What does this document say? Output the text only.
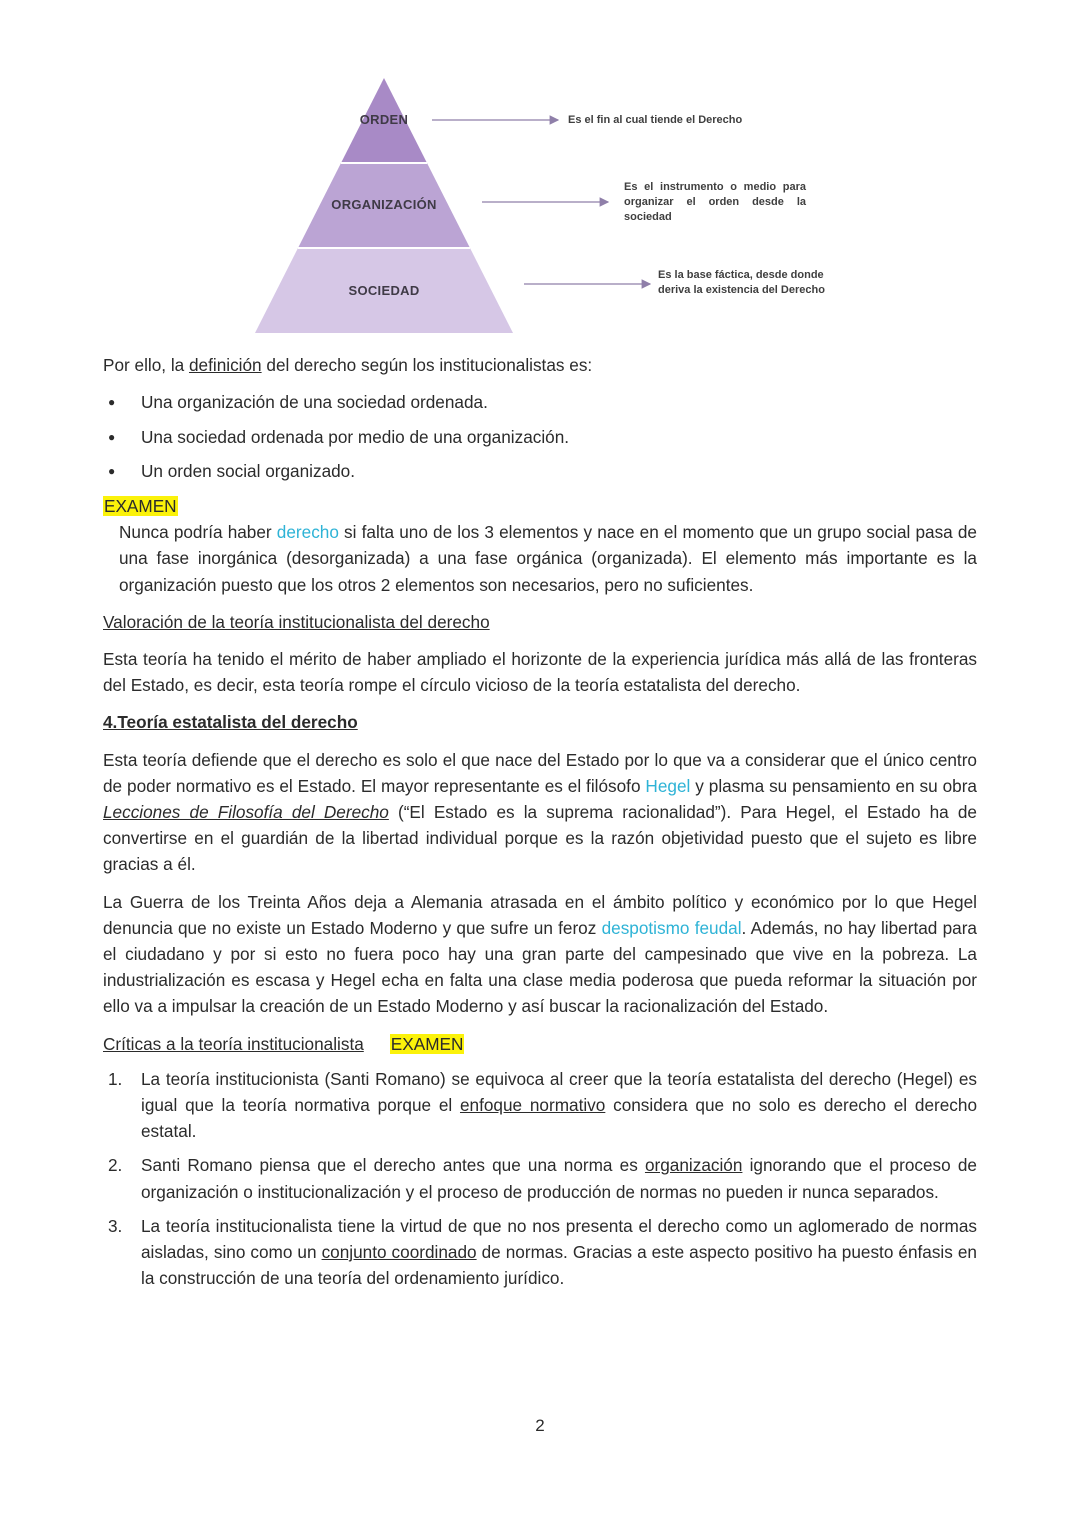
ORDEN
ORGANIZACIÓN
SOCIEDAD
Es el fin al cual tiende el Derecho
Es el instrumento o medio para organizar el orden desde la sociedad
Es la base fáctica, desde donde deriva la existencia del Derecho

Por ello, la definición del derecho según los institucionalistas es:

● Una organización de una sociedad ordenada.
● Una sociedad ordenada por medio de una organización.
● Un orden social organizado.
EXAMEN

Nunca podría haber derecho si falta uno de los 3 elementos y nace en el momento que un grupo social pasa de una fase inorgánica (desorganizada) a una fase orgánica (organizada). El elemento más importante es la organización puesto que los otros 2 elementos son necesarios, pero no suficientes.

Valoración de la teoría institucionalista del derecho

Esta teoría ha tenido el mérito de haber ampliado el horizonte de la experiencia jurídica más allá de las fronteras del Estado, es decir, esta teoría rompe el círculo vicioso de la teoría estatalista del derecho.

4.Teoría estatalista del derecho

Esta teoría defiende que el derecho es solo el que nace del Estado por lo que va a considerar que el único centro de poder normativo es el Estado. El mayor representante es el filósofo Hegel y plasma su pensamiento en su obra Lecciones de Filosofía del Derecho (“El Estado es la suprema racionalidad”). Para Hegel, el Estado ha de convertirse en el guardián de la libertad individual porque es la razón objetividad puesto que el sujeto es libre gracias a él.

La Guerra de los Treinta Años deja a Alemania atrasada en el ámbito político y económico por lo que Hegel denuncia que no existe un Estado Moderno y que sufre un feroz despotismo feudal. Además, no hay libertad para el ciudadano y por si esto no fuera poco hay una gran parte del campesinado que vive en la pobreza. La industrialización es escasa y Hegel echa en falta una clase media poderosa que pueda reformar la situación por ello va a impulsar la creación de un Estado Moderno y así buscar la racionalización del Estado.

Críticas a la teoría institucionalista EXAMEN

1. La teoría institucionista (Santi Romano) se equivoca al creer que la teoría estatalista del derecho (Hegel) es igual que la teoría normativa porque el enfoque normativo considera que no solo es derecho el derecho estatal.
2. Santi Romano piensa que el derecho antes que una norma es organización ignorando que el proceso de organización o institucionalización y el proceso de producción de normas no pueden ir nunca separados.
3. La teoría institucionalista tiene la virtud de que no nos presenta el derecho como un aglomerado de normas aisladas, sino como un conjunto coordinado de normas. Gracias a este aspecto positivo ha puesto énfasis en la construcción de una teoría del ordenamiento jurídico.
2
